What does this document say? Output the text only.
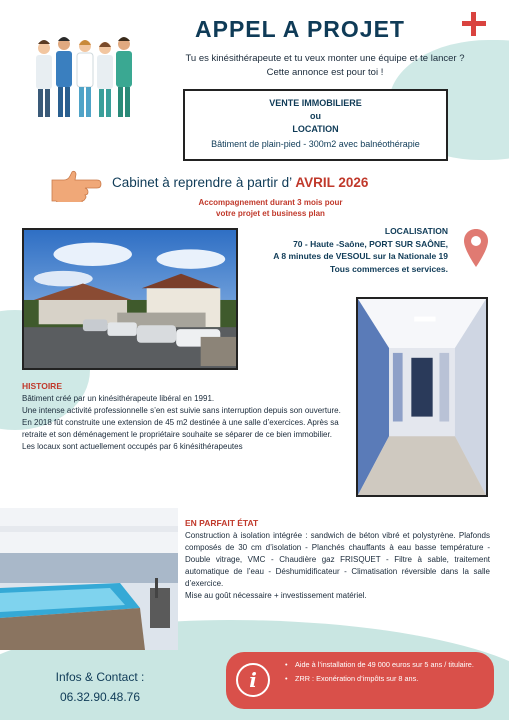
APPEL A PROJET
Tu es kinésithérapeute et tu veux monter une équipe et te lancer ?
Cette annonce est pour toi !
VENTE IMMOBILIERE
ou
LOCATION
Bâtiment de plain-pied - 300m2 avec balnéothérapie
Cabinet à reprendre à partir d’ AVRIL 2026
Accompagnement durant 3 mois pour
votre projet et business plan
LOCALISATION
70 - Haute -Saône, PORT SUR SAÔNE,
A 8 minutes de VESOUL sur la Nationale 19
Tous commerces et services.
HISTOIRE
Bâtiment créé par un kinésithérapeute libéral en 1991.
Une intense activité professionnelle s’en est suivie sans interruption depuis son ouverture.
En 2018 fût construite une extension de 45 m2 destinée à une salle d’exercices. Après sa retraite et son déménagement le propriétaire souhaite se séparer de ce bien immobilier.
Les locaux sont actuellement occupés par 6 kinésithérapeutes
EN PARFAIT ÉTAT
Construction à isolation intégrée : sandwich de béton vibré et polystyrène. Plafonds composés de 30 cm d’isolation - Planchés chauffants à eau basse température - Double vitrage, VMC - Chaudière gaz FRISQUET - Filtre à sable, traitement automatique de l’eau - Déshumidificateur - Climatisation réversible dans la salle d’exercice.
Mise au goût nécessaire + investissement matériel.
Infos & Contact :
06.32.90.48.76
i
• Aide à l’installation de 49 000 euros sur 5 ans / titulaire.
• ZRR : Exonération d’impôts sur 8 ans.
